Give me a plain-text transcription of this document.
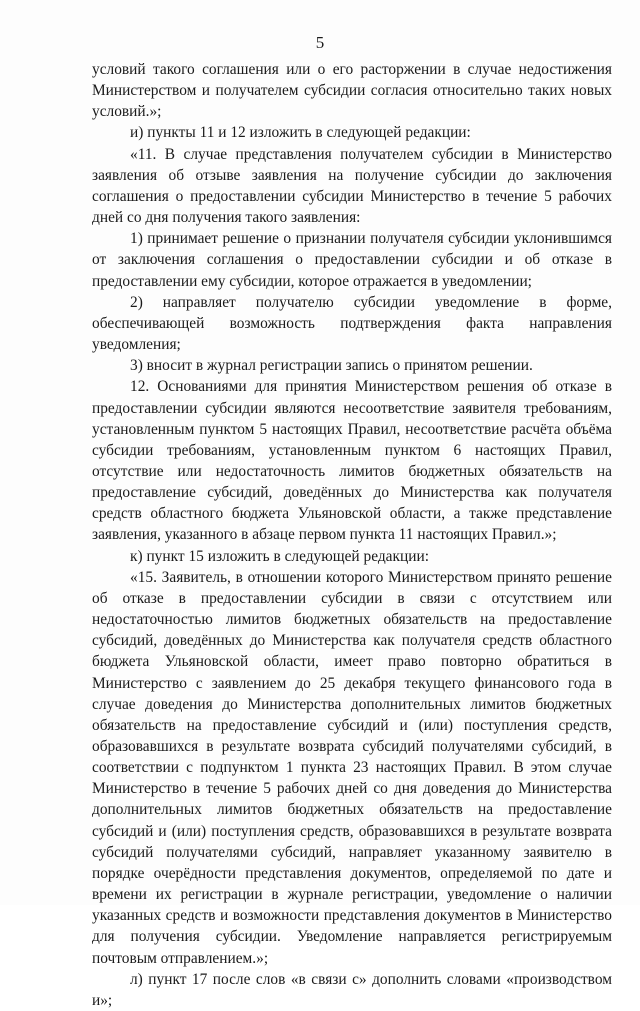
5

условий такого соглашения или о его расторжении в случае недостижения Министерством и получателем субсидии согласия относительно таких новых условий.»;

и) пункты 11 и 12 изложить в следующей редакции:

«11. В случае представления получателем субсидии в Министерство заявления об отзыве заявления на получение субсидии до заключения соглашения о предоставлении субсидии Министерство в течение 5 рабочих дней со дня получения такого заявления:

1) принимает решение о признании получателя субсидии уклонившимся от заключения соглашения о предоставлении субсидии и об отказе в предоставлении ему субсидии, которое отражается в уведомлении;

2) направляет получателю субсидии уведомление в форме, обеспечивающей возможность подтверждения факта направления уведомления;

3) вносит в журнал регистрации запись о принятом решении.

12. Основаниями для принятия Министерством решения об отказе в предоставлении субсидии являются несоответствие заявителя требованиям, установленным пунктом 5 настоящих Правил, несоответствие расчёта объёма субсидии требованиям, установленным пунктом 6 настоящих Правил, отсутствие или недостаточность лимитов бюджетных обязательств на предоставление субсидий, доведённых до Министерства как получателя средств областного бюджета Ульяновской области, а также представление заявления, указанного в абзаце первом пункта 11 настоящих Правил.»;

к) пункт 15 изложить в следующей редакции:

«15. Заявитель, в отношении которого Министерством принято решение об отказе в предоставлении субсидии в связи с отсутствием или недостаточностью лимитов бюджетных обязательств на предоставление субсидий, доведённых до Министерства как получателя средств областного бюджета Ульяновской области, имеет право повторно обратиться в Министерство с заявлением до 25 декабря текущего финансового года в случае доведения до Министерства дополнительных лимитов бюджетных обязательств на предоставление субсидий и (или) поступления средств, образовавшихся в результате возврата субсидий получателями субсидий, в соответствии с подпунктом 1 пункта 23 настоящих Правил. В этом случае Министерство в течение 5 рабочих дней со дня доведения до Министерства дополнительных лимитов бюджетных обязательств на предоставление субсидий и (или) поступления средств, образовавшихся в результате возврата субсидий получателями субсидий, направляет указанному заявителю в порядке очерёдности представления документов, определяемой по дате и времени их регистрации в журнале регистрации, уведомление о наличии указанных средств и возможности представления документов в Министерство для получения субсидии. Уведомление направляется регистрируемым почтовым отправлением.»;

л) пункт 17 после слов «в связи с» дополнить словами «производством и»;
